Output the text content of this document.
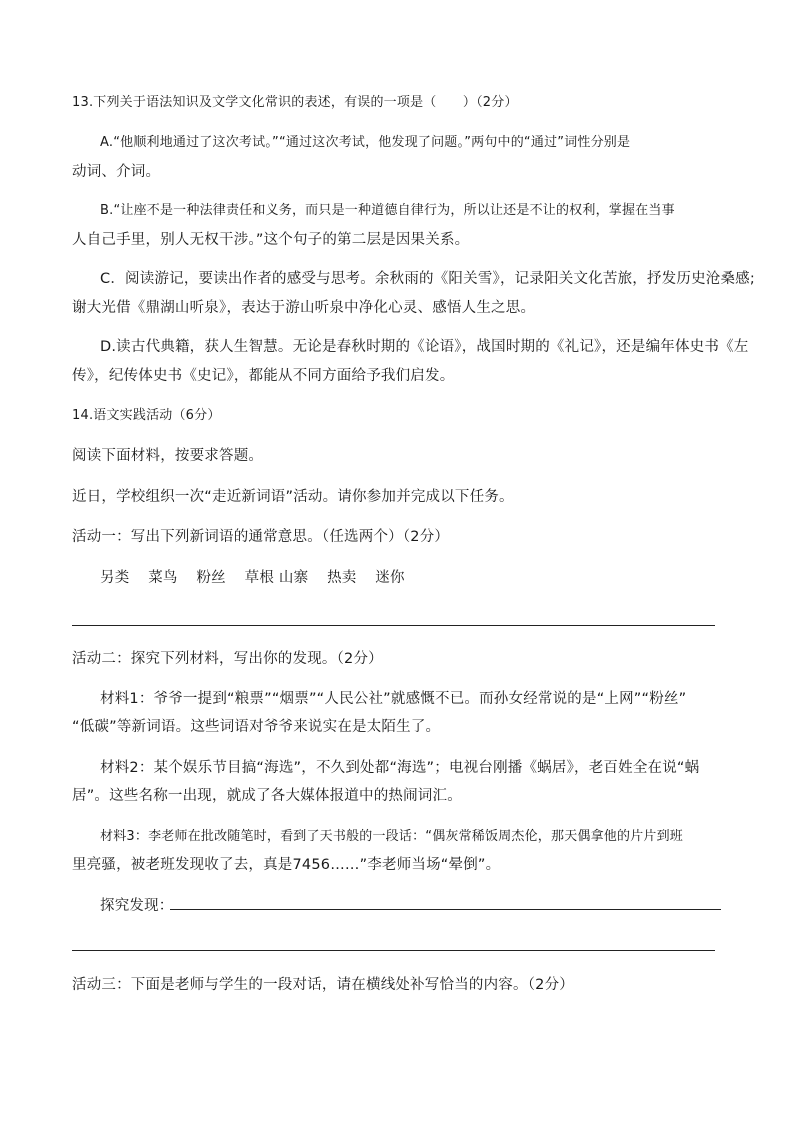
13.下列关于语法知识及文学文化常识的表述，有误的一项是（　　）（2分）
A.“他顺利地通过了这次考试。”“通过这次考试，他发现了问题。”两句中的“通过”词性分别是
动词、介词。
B.“让座不是一种法律责任和义务，而只是一种道德自律行为，所以让还是不让的权利，掌握在当事
人自己手里，别人无权干涉。”这个句子的第二层是因果关系。
C．阅读游记，要读出作者的感受与思考。余秋雨的《阳关雪》，记录阳关文化苦旅，抒发历史沧桑感;
谢大光借《鼎湖山听泉》，表达于游山听泉中净化心灵、感悟人生之思。
D.读古代典籍，获人生智慧。无论是春秋时期的《论语》，战国时期的《礼记》，还是编年体史书《左
传》，纪传体史书《史记》，都能从不同方面给予我们启发。
14.语文实践活动（6分）
阅读下面材料，按要求答题。
近日，学校组织一次“走近新词语”活动。请你参加并完成以下任务。
活动一：写出下列新词语的通常意思。（任选两个）（2分）
另类 菜鸟 粉丝 草根 山寨 热卖 迷你
活动二：探究下列材料，写出你的发现。（2分）
材料1：爷爷一提到“粮票”“烟票”“人民公社”就感慨不已。而孙女经常说的是“上网”“粉丝”
“低碳”等新词语。这些词语对爷爷来说实在是太陌生了。
材料2：某个娱乐节目搞“海选”，不久到处都“海选”；电视台刚播《蜗居》，老百姓全在说“蜗
居”。这些名称一出现，就成了各大媒体报道中的热闹词汇。
材料3：李老师在批改随笔时，看到了天书般的一段话：“偶灰常稀饭周杰伦，那天偶拿他的片片到班
里亮骚，被老班发现收了去，真是7456……”李老师当场“晕倒”。
探究发现：
活动三：下面是老师与学生的一段对话，请在横线处补写恰当的内容。（2分）
